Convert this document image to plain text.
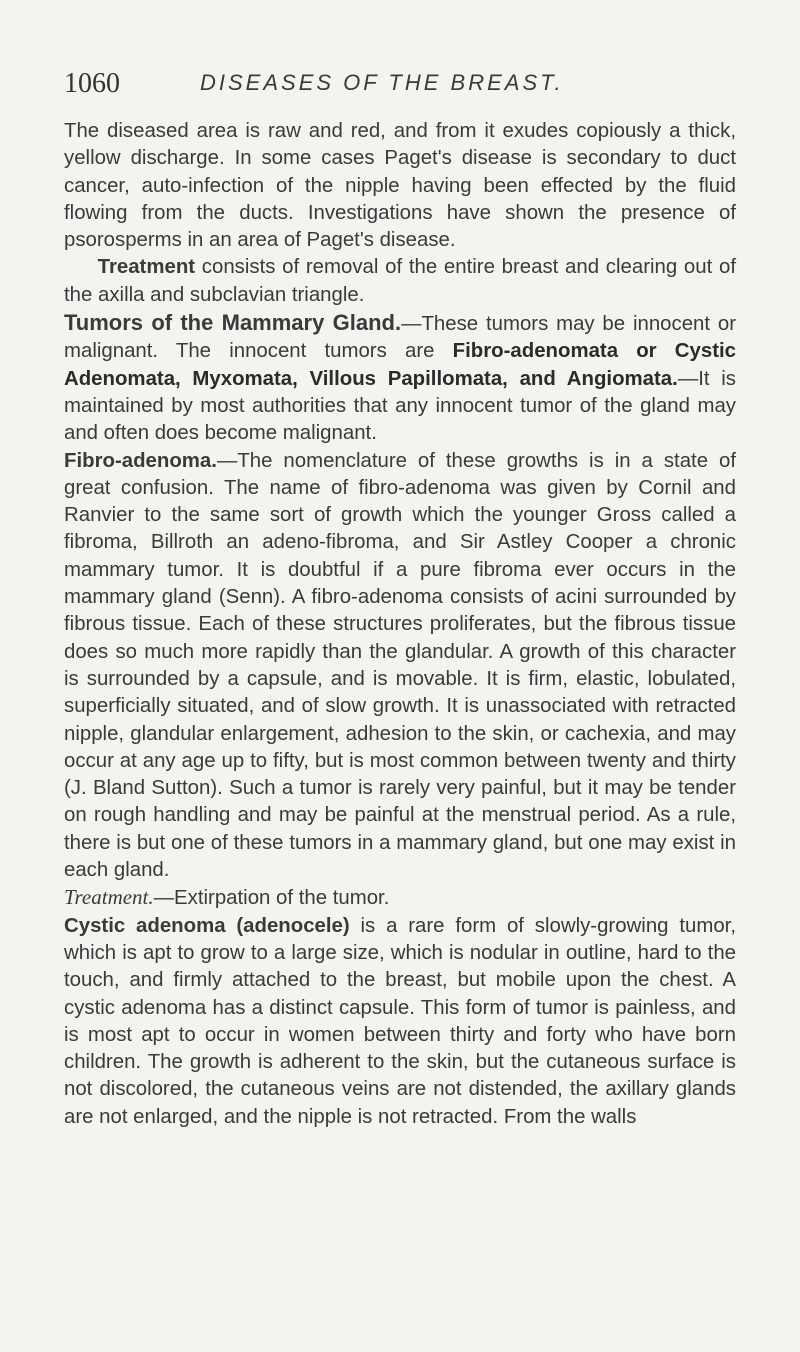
1060	DISEASES OF THE BREAST.

The diseased area is raw and red, and from it exudes copiously a thick, yellow discharge. In some cases Paget's disease is secondary to duct cancer, auto-infection of the nipple having been effected by the fluid flowing from the ducts. Investigations have shown the presence of psorosperms in an area of Paget's disease.

Treatment consists of removal of the entire breast and clearing out of the axilla and subclavian triangle.

Tumors of the Mammary Gland.—These tumors may be innocent or malignant. The innocent tumors are Fibro-adenomata or Cystic Adenomata, Myxomata, Villous Papillomata, and Angiomata.—It is maintained by most authorities that any innocent tumor of the gland may and often does become malignant.

Fibro-adenoma.—The nomenclature of these growths is in a state of great confusion. The name of fibro-adenoma was given by Cornil and Ranvier to the same sort of growth which the younger Gross called a fibroma, Billroth an adeno-fibroma, and Sir Astley Cooper a chronic mammary tumor. It is doubtful if a pure fibroma ever occurs in the mammary gland (Senn). A fibro-adenoma consists of acini surrounded by fibrous tissue. Each of these structures proliferates, but the fibrous tissue does so much more rapidly than the glandular. A growth of this character is surrounded by a capsule, and is movable. It is firm, elastic, lobulated, superficially situated, and of slow growth. It is unassociated with retracted nipple, glandular enlargement, adhesion to the skin, or cachexia, and may occur at any age up to fifty, but is most common between twenty and thirty (J. Bland Sutton). Such a tumor is rarely very painful, but it may be tender on rough handling and may be painful at the menstrual period. As a rule, there is but one of these tumors in a mammary gland, but one may exist in each gland.

Treatment.—Extirpation of the tumor.

Cystic adenoma (adenocele) is a rare form of slowly-growing tumor, which is apt to grow to a large size, which is nodular in outline, hard to the touch, and firmly attached to the breast, but mobile upon the chest. A cystic adenoma has a distinct capsule. This form of tumor is painless, and is most apt to occur in women between thirty and forty who have born children. The growth is adherent to the skin, but the cutaneous surface is not discolored, the cutaneous veins are not distended, the axillary glands are not enlarged, and the nipple is not retracted. From the walls
